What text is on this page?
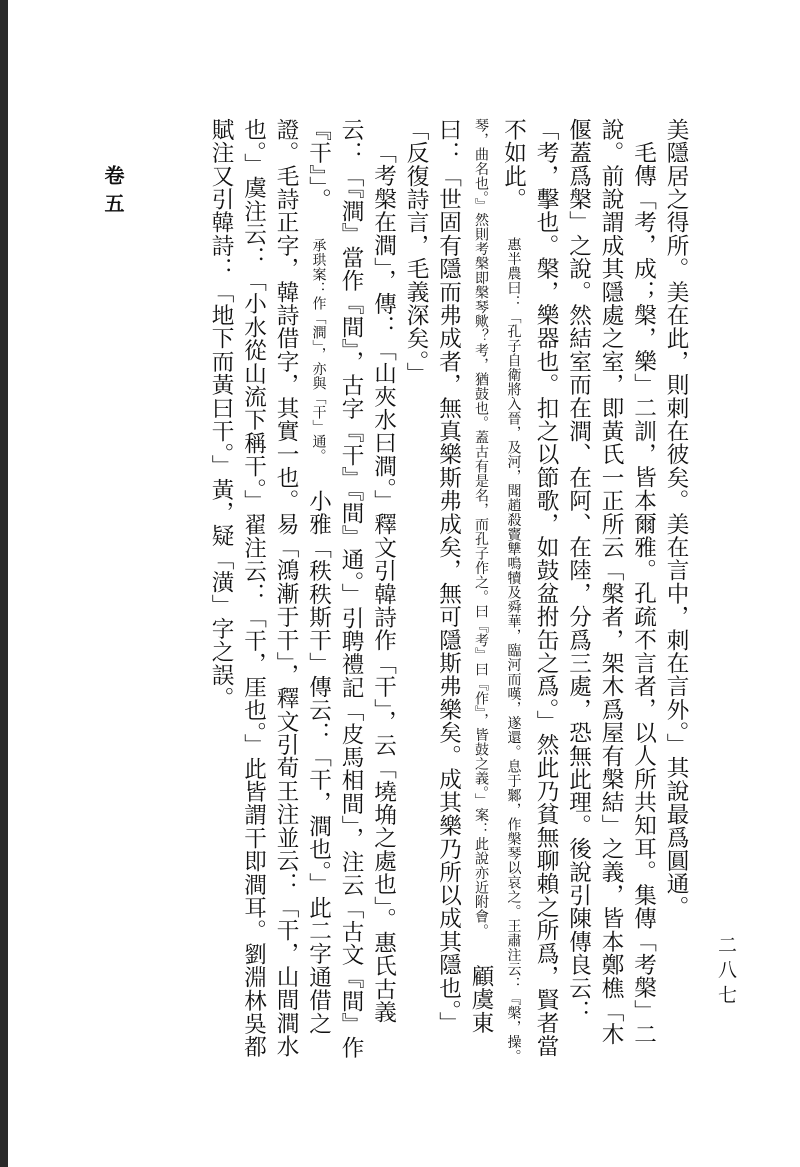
卷五
二八七

美隱居之得所。美在此，則刺在彼矣。美在言中，刺在言外。」其說最爲圓通。

毛傳「考，成；槃，樂」二訓，皆本爾雅。孔疏不言者，以人所共知耳。集傳「考槃」二說。前說謂成其隱處之室，即黃氏一正所云「槃者，架木爲屋有槃結」之義，皆本鄭樵「木偃蓋爲槃」之說。然結室而在澗、在阿、在陸，分爲三處，恐無此理。後說引陳傳良云：「考，擊也。槃，樂器也。扣之以節歌，如鼓盆拊缶之爲。」然此乃貧無聊賴之所爲，賢者當不如此。 惠半農曰：「孔子自衛將入晉，及河，聞趙殺竇犨鳴犢及舜華，臨河而嘆，遂還。息于鄹，作槃琴以哀之。王肅注云：『槃，操。琴，曲名也。』然則考槃即槃琴歟？考，猶鼓也。蓋古有是名，而孔子作之。曰『考』曰『作』，皆鼓之義。」案：此說亦近附會。 顧虞東曰：「世固有隱而弗成者，無真樂斯弗成矣，無可隱斯弗樂矣。成其樂乃所以成其隱也。」「反復詩言，毛義深矣。」

「考槃在澗」，傳：「山夾水曰澗。」釋文引韓詩作「干」，云「墝埆之處也」。惠氏古義云：「『澗』當作『間』，古字『干』『間』通。」引聘禮記「皮馬相間」，注云「古文『間』作『干』」。 承珙案：作「澗」，亦與「干」通。 小雅「秩秩斯干」傳云：「干，澗也。」此二字通借之證。毛詩正字，韓詩借字，其實一也。易「鴻漸于干」，釋文引荀王注並云：「干，山間澗水也。」虞注云：「小水從山流下稱干。」翟注云：「干，厓也。」此皆謂干即澗耳。劉淵林吳都賦注又引韓詩：「地下而黃曰干。」黃，疑「潢」字之誤。
